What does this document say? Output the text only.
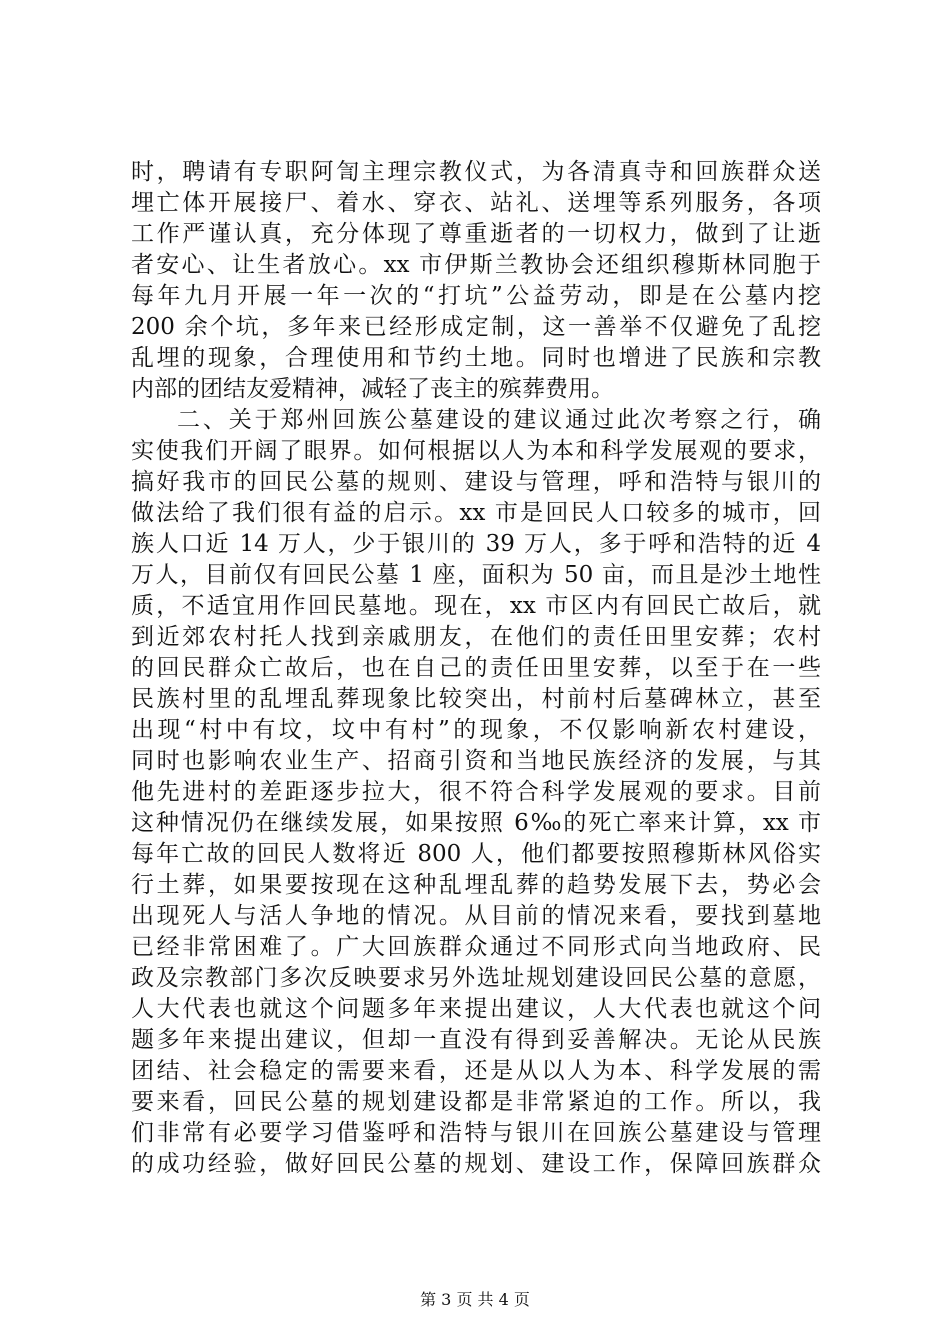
时，聘请有专职阿訇主理宗教仪式，为各清真寺和回族群众送
埋亡体开展接尸、着水、穿衣、站礼、送埋等系列服务，各项
工作严谨认真，充分体现了尊重逝者的一切权力，做到了让逝
者安心、让生者放心。xx 市伊斯兰教协会还组织穆斯林同胞于
每年九月开展一年一次的“打坑”公益劳动，即是在公墓内挖
200 余个坑，多年来已经形成定制，这一善举不仅避免了乱挖
乱埋的现象，合理使用和节约土地。同时也增进了民族和宗教
内部的团结友爱精神，减轻了丧主的殡葬费用。
二、关于郑州回族公墓建设的建议通过此次考察之行，确
实使我们开阔了眼界。如何根据以人为本和科学发展观的要求，
搞好我市的回民公墓的规则、建设与管理，呼和浩特与银川的
做法给了我们很有益的启示。xx 市是回民人口较多的城市，回
族人口近 14 万人，少于银川的 39 万人，多于呼和浩特的近 4
万人，目前仅有回民公墓 1 座，面积为 50 亩，而且是沙土地性
质，不适宜用作回民墓地。现在，xx 市区内有回民亡故后，就
到近郊农村托人找到亲戚朋友，在他们的责任田里安葬；农村
的回民群众亡故后，也在自己的责任田里安葬，以至于在一些
民族村里的乱埋乱葬现象比较突出，村前村后墓碑林立，甚至
出现“村中有坟，坟中有村”的现象，不仅影响新农村建设，
同时也影响农业生产、招商引资和当地民族经济的发展，与其
他先进村的差距逐步拉大，很不符合科学发展观的要求。目前
这种情况仍在继续发展，如果按照 6‰的死亡率来计算，xx 市
每年亡故的回民人数将近 800 人，他们都要按照穆斯林风俗实
行土葬，如果要按现在这种乱埋乱葬的趋势发展下去，势必会
出现死人与活人争地的情况。从目前的情况来看，要找到墓地
已经非常困难了。广大回族群众通过不同形式向当地政府、民
政及宗教部门多次反映要求另外选址规划建设回民公墓的意愿，
人大代表也就这个问题多年来提出建议，人大代表也就这个问
题多年来提出建议，但却一直没有得到妥善解决。无论从民族
团结、社会稳定的需要来看，还是从以人为本、科学发展的需
要来看，回民公墓的规划建设都是非常紧迫的工作。所以，我
们非常有必要学习借鉴呼和浩特与银川在回族公墓建设与管理
的成功经验，做好回民公墓的规划、建设工作，保障回族群众
第 3 页 共 4 页
